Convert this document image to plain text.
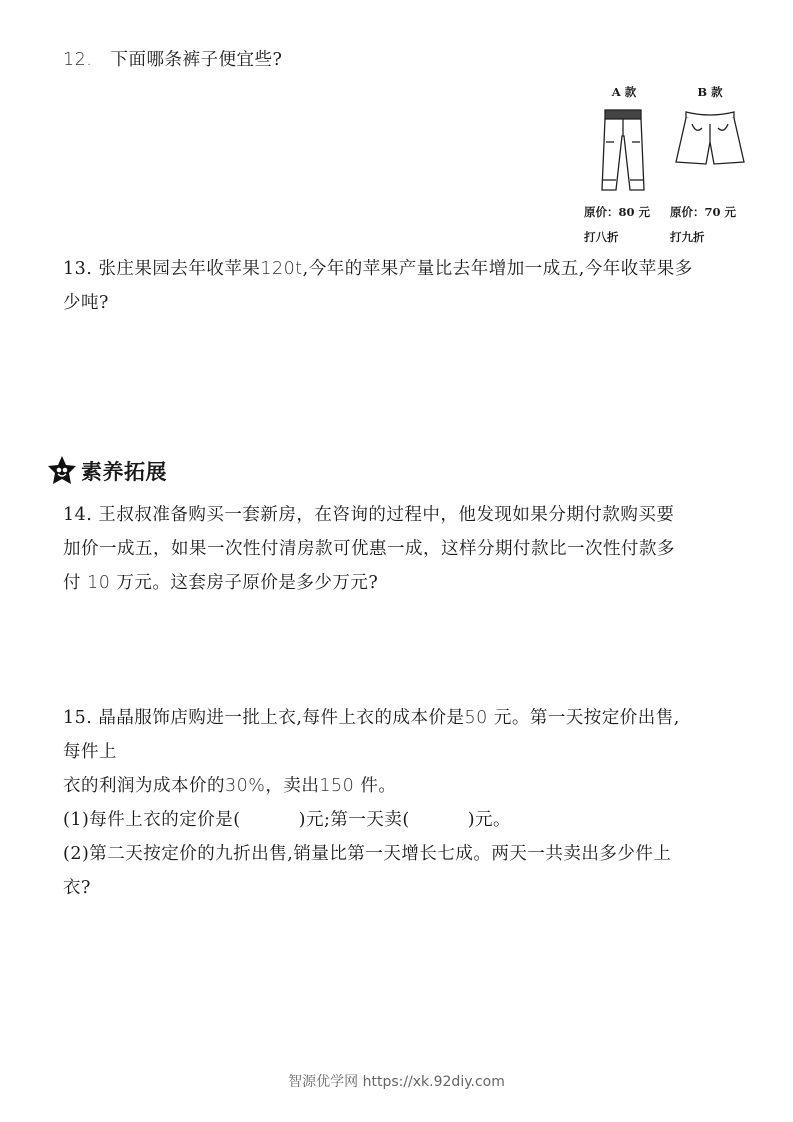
12. 下面哪条裤子便宜些?

A 款
原价：80 元
打八折
B 款
原价：70 元
打九折

13. 张庄果园去年收苹果120t,今年的苹果产量比去年增加一成五,今年收苹果多
少吨?

素养拓展

14. 王叔叔准备购买一套新房，在咨询的过程中，他发现如果分期付款购买要
加价一成五，如果一次性付清房款可优惠一成，这样分期付款比一次性付款多
付 10 万元。这套房子原价是多少万元?

15. 晶晶服饰店购进一批上衣,每件上衣的成本价是50 元。第一天按定价出售,
每件上
衣的利润为成本价的30%，卖出150 件。
(1)每件上衣的定价是(	)元;第一天卖(	)元。
(2)第二天按定价的九折出售,销量比第一天增长七成。两天一共卖出多少件上
衣?

智源优学网 https://xk.92diy.com
